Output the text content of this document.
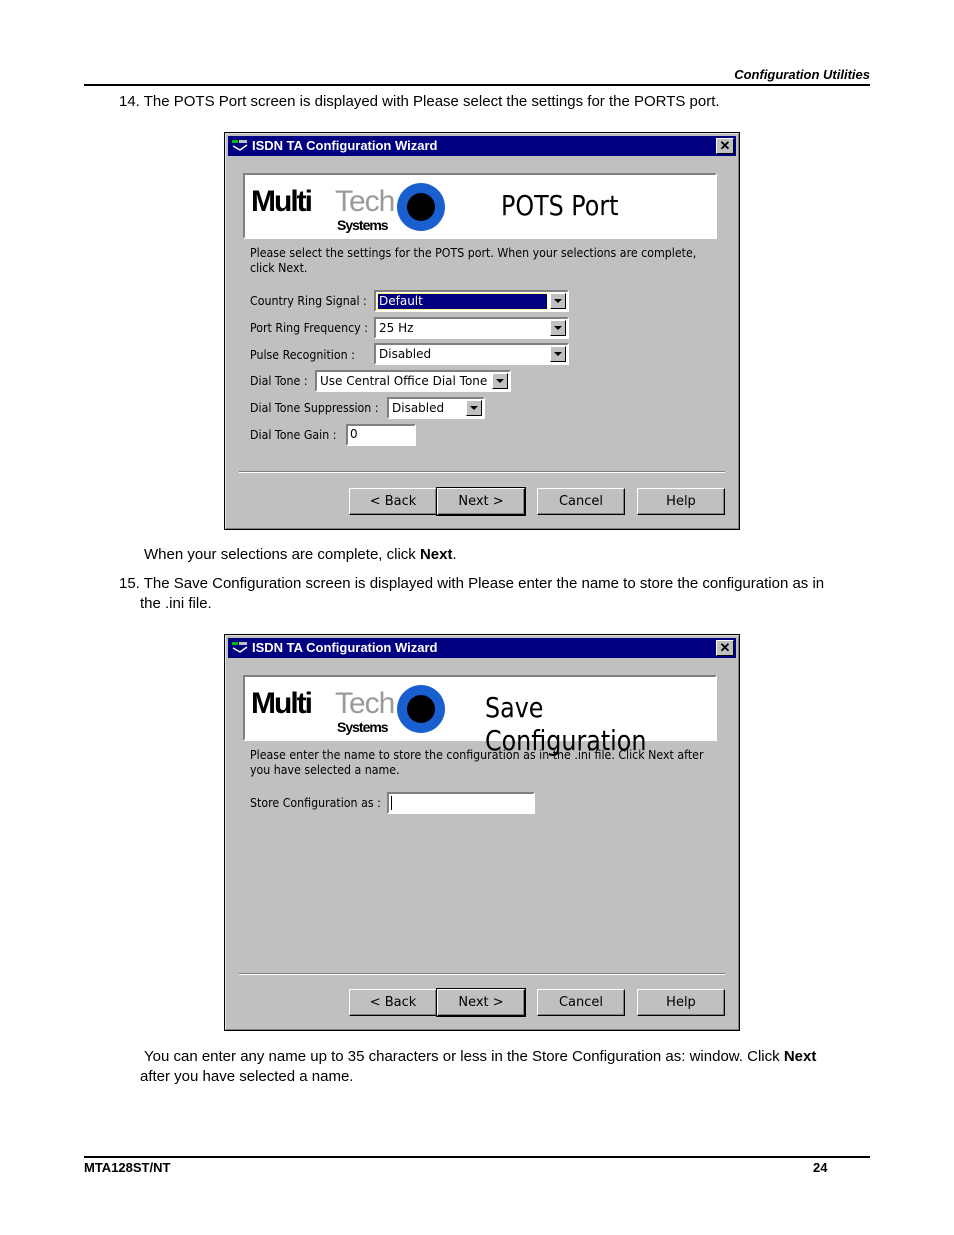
Configuration Utilities
14. The POTS Port screen is displayed with Please select the settings for the PORTS port.
ISDN TA Configuration Wizard	✕
Multi Tech
Systems
POTS Port
Please select the settings for the POTS port. When your selections are complete,
click Next.
Country Ring Signal : Default
Port Ring Frequency : 25 Hz
Pulse Recognition : Disabled
Dial Tone : Use Central Office Dial Tone
Dial Tone Suppression : Disabled
Dial Tone Gain :	0
< Back	Next >	Cancel	Help
When your selections are complete, click Next.
15. The Save Configuration screen is displayed with Please enter the name to store the configuration as in
the .ini file.
ISDN TA Configuration Wizard	✕
Multi Tech
Systems
Save Configuration
Please enter the name to store the configuration as in the .ini file. Click Next after
you have selected a name.
Store Configuration as :
< Back	Next >	Cancel	Help
You can enter any name up to 35 characters or less in the Store Configuration as: window. Click Next
after you have selected a name.
MTA128ST/NT	24
